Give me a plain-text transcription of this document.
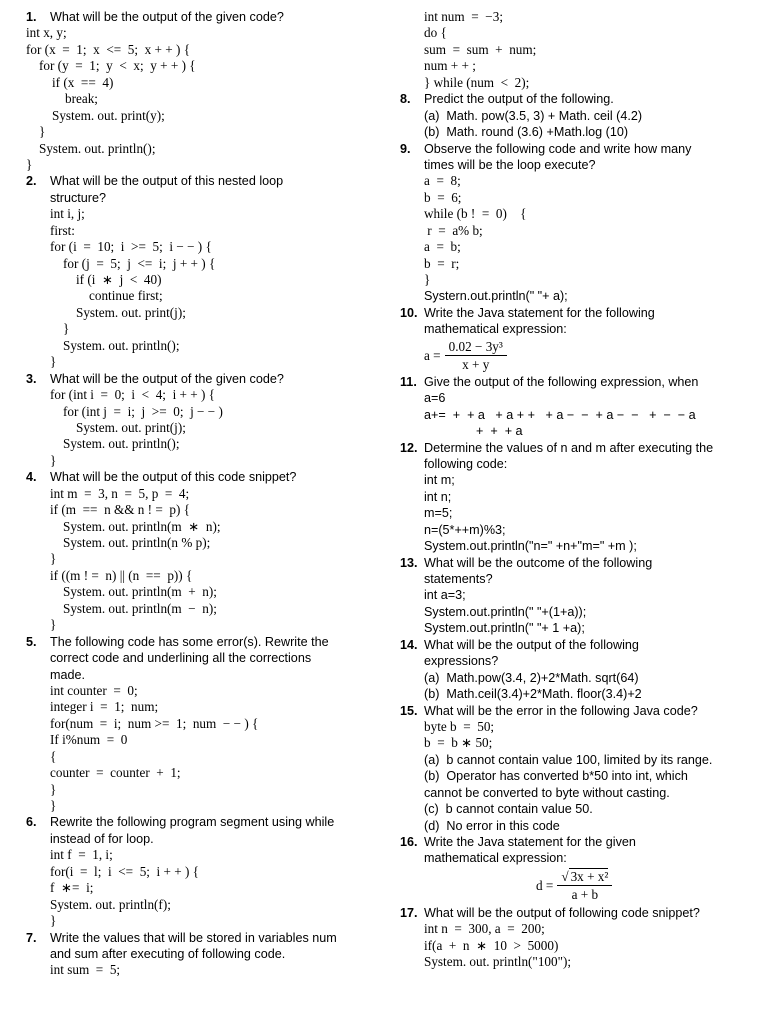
1.	What will be the output of the given code?
int x, y;
for (x  =  1;  x  <=  5;  x + + ) {
for (y  =  1;  y  <  x;  y + + ) {
if (x  ==  4)
break;
System. out. print(y);
}
System. out. println();
}
2.	What will be the output of this nested loop
structure?
int i, j;
first:
for (i  =  10;  i  >=  5;  i − − ) {
for (j  =  5;  j  <=  i;  j + + ) {
if (i  ∗  j  <  40)
continue first;
System. out. print(j);
}
System. out. println();
}
3.	What will be the output of the given code?
for (int i  =  0;  i  <  4;  i + + ) {
for (int j  =  i;  j  >=  0;  j − − )
System. out. print(j);
System. out. println();
}
4.	What will be the output of this code snippet?
int m  =  3, n  =  5, p  =  4;
if (m  ==  n && n ! =  p) {
System. out. println(m  ∗  n);
System. out. println(n % p);
}
if ((m ! =  n) || (n  ==  p)) {
System. out. println(m  +  n);
System. out. println(m  −  n);
}
5.	The following code has some error(s). Rewrite the
correct code and underlining all the corrections
made.
int counter  =  0;
integer i  =  1;  num;
for(num  =  i;  num >=  1;  num  − − ) {
If i%num  =  0
{
counter  =  counter  +  1;
}
}
6.	Rewrite the following program segment using while
instead of for loop.
int f  =  1, i;
for(i  =  l;  i  <=  5;  i + + ) {
f  ∗=  i;
System. out. println(f);
}
7.	Write the values that will be stored in variables num
and sum after executing of following code.
int sum  =  5;
int num  =  −3;
do {
sum  =  sum  +  num;
num + + ;
} while (num  <  2);
8.	Predict the output of the following.
(a)  Math. pow(3.5, 3) + Math. ceil (4.2)
(b)  Math. round (3.6) +Math.log (10)
9.	Observe the following code and write how many
times will be the loop execute?
a  =  8;
b  =  6;
while (b !  =  0)    {
r  =  a% b;
a  =  b;
b  =  r;
}
Systern.out.println(" "+ a);
10. Write the Java statement for the following
mathematical expression:
$a = \frac{\text{0.02 − 3y³}}{x + y}$
11. Give the output of the following expression, when
a=6
a+=  +  + a   + a + +   + a −  −  + a −  −   +  −  − a
+  +  + a
12. Determine the values of n and m after executing the
following code:
int m;
int n;
m=5;
n=(5*++m)%3;
System.out.println("n=" +n+"m=" +m );
13. What will be the outcome of the following
statements?
int a=3;
System.out.println(" "+(1+a));
System.out.println(" "+ 1 +a);
14. What will be the output of the following
expressions?
(a)  Math.pow(3.4, 2)+2*Math. sqrt(64)
(b)  Math.ceil(3.4)+2*Math. floor(3.4)+2
15. What will be the error in the following Java code?
byte b  =  50;
b  =  b ∗ 50;
(a)  b cannot contain value 100, limited by its range.
(b)  Operator has converted b*50 into int, which
cannot be converted to byte without casting.
(c)  b cannot contain value 50.
(d)  No error in this code
16. Write the Java statement for the given
mathematical expression:
$d = \frac{\text{√ 3x + x²}}{a + b}$
17. What will be the output of following code snippet?
int n  =  300, a  =  200;
if(a  +  n  ∗  10  >  5000)
System. out. println("100");
